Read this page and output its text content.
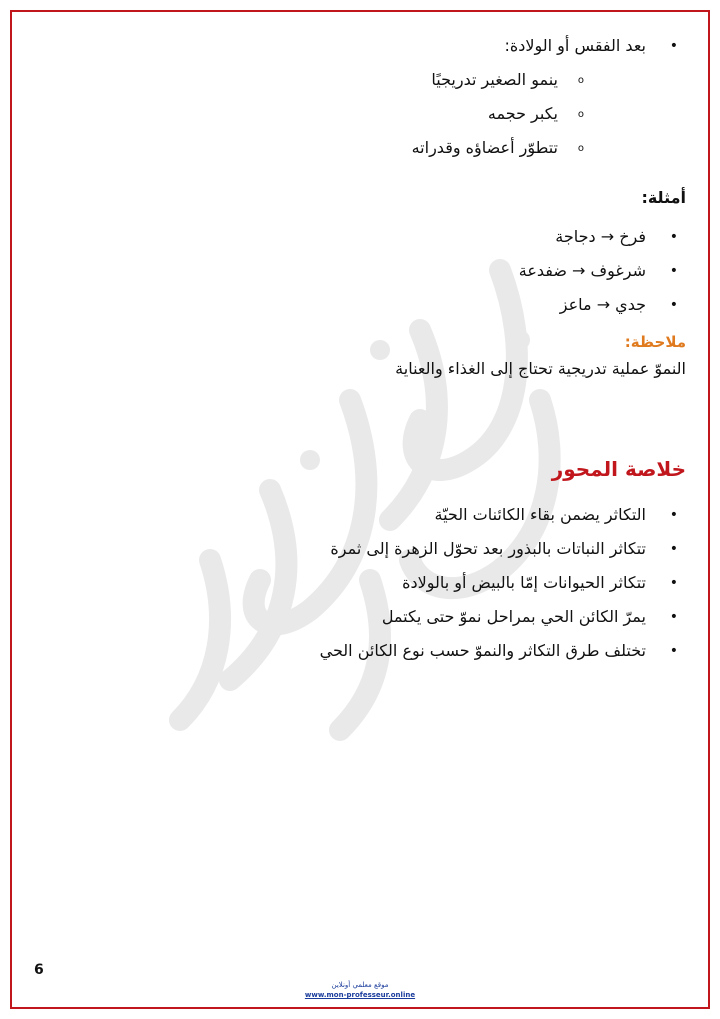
• بعد الفقس أو الولادة:
o ينمو الصغير تدريجيًا
o يكبر حجمه
o تتطوّر أعضاؤه وقدراته
أمثلة:
• فرخ → دجاجة
• شرغوف → ضفدعة
• جدي → ماعز
ملاحظة:
النموّ عملية تدريجية تحتاج إلى الغذاء والعناية
خلاصة المحور
• التكاثر يضمن بقاء الكائنات الحيّة
• تتكاثر النباتات بالبذور بعد تحوّل الزهرة إلى ثمرة
• تتكاثر الحيوانات إمّا بالبيض أو بالولادة
• يمرّ الكائن الحي بمراحل نموّ حتى يكتمل
• تختلف طرق التكاثر والنموّ حسب نوع الكائن الحي
6
موقع معلمي أونلاين
www.mon-professeur.online
